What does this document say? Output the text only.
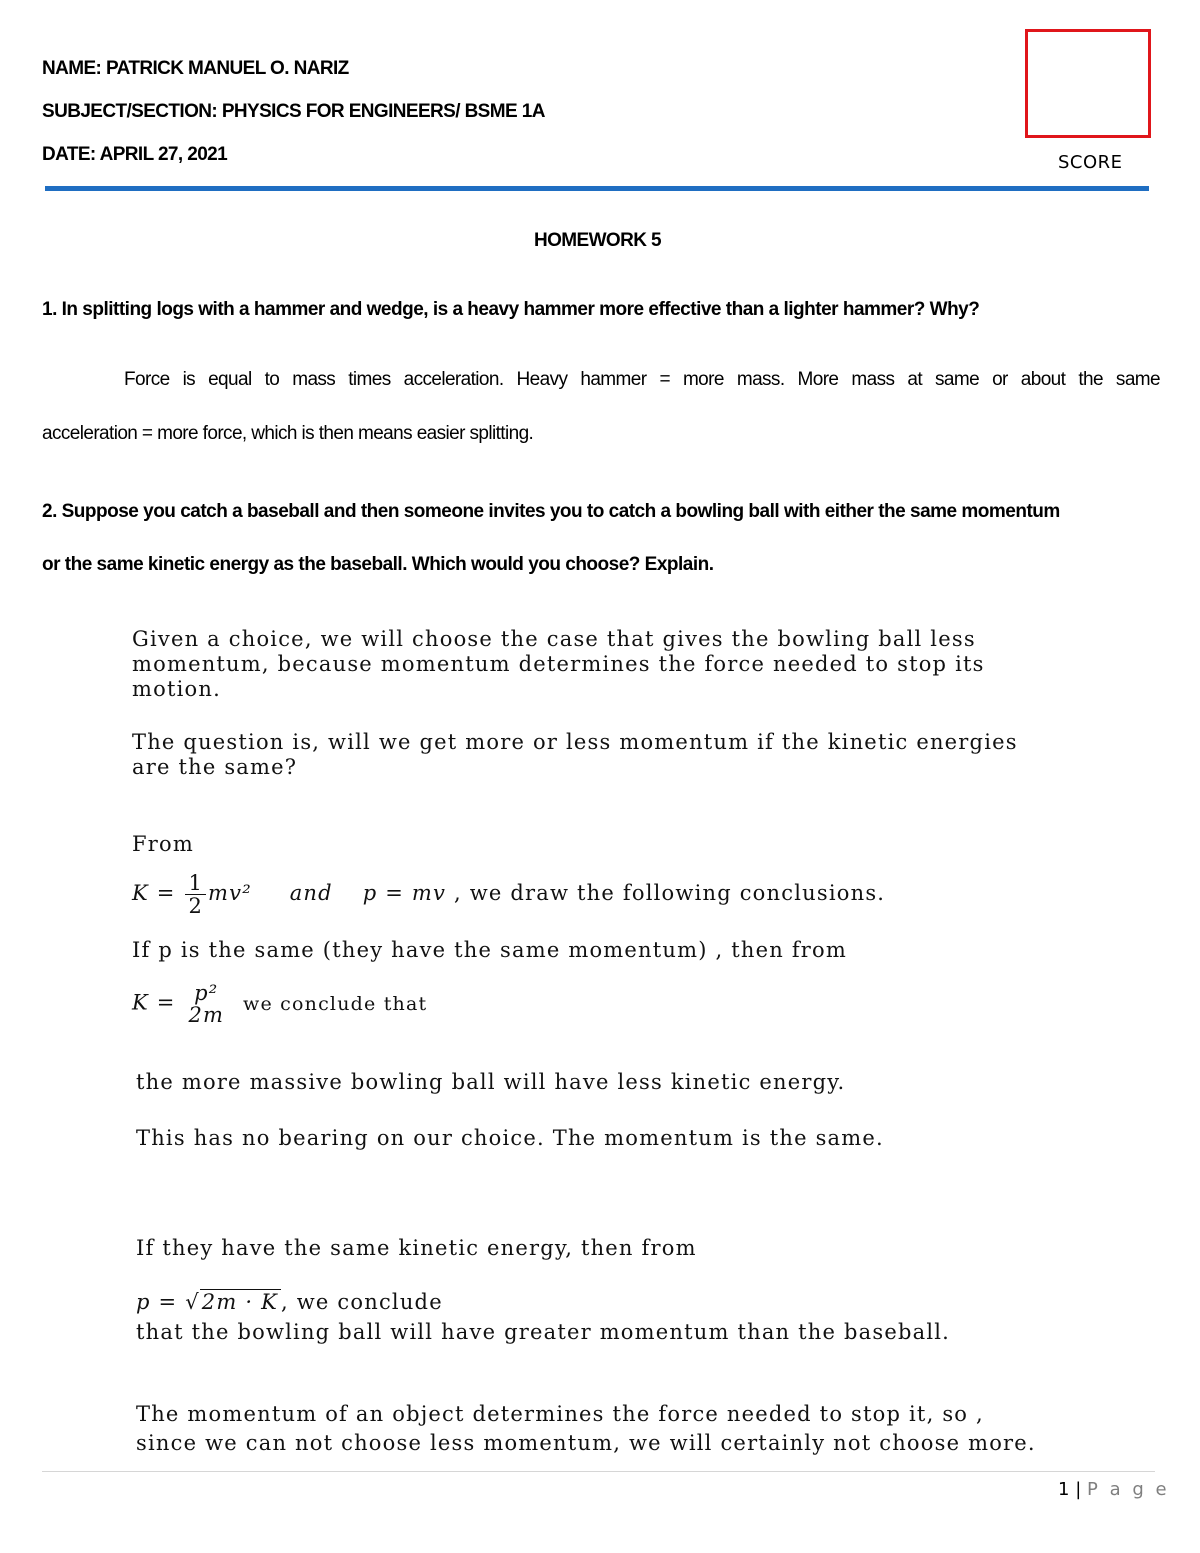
NAME: PATRICK MANUEL O. NARIZ
SUBJECT/SECTION: PHYSICS FOR ENGINEERS/ BSME 1A
DATE: APRIL 27, 2021	SCORE
HOMEWORK 5
1. In splitting logs with a hammer and wedge, is a heavy hammer more effective than a lighter hammer? Why?
Force is equal to mass times acceleration. Heavy hammer = more mass. More mass at same or about the same
acceleration = more force, which is then means easier splitting.
2. Suppose you catch a baseball and then someone invites you to catch a bowling ball with either the same momentum
or the same kinetic energy as the baseball. Which would you choose? Explain.
Given a choice, we will choose the case that gives the bowling ball less
momentum, because momentum determines the force needed to stop its
motion.
The question is, will we get more or less momentum if the kinetic energies
are the same?
From
$K = \frac{1}{2} mv^2$ and p = mv , we draw the following conclusions.
If p is the same (they have the same momentum) , then from
K = p²
2m we conclude that
the more massive bowling ball will have less kinetic energy.
This has no bearing on our choice. The momentum is the same.
If they have the same kinetic energy, then from
p = √2m · K , we conclude
that the bowling ball will have greater momentum than the baseball.
The momentum of an object determines the force needed to stop it, so ,
since we can not choose less momentum, we will certainly not choose more.
1 | P a g e
